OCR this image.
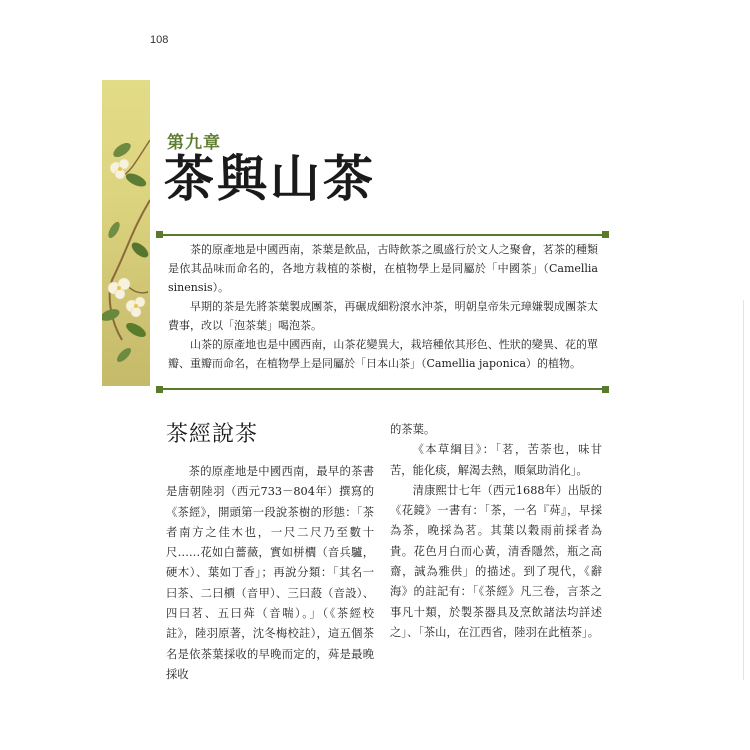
108
第九章
茶與山茶

茶的原產地是中國西南，茶葉是飲品，古時飲茶之風盛行於文人之聚會，茗茶的種類是依其品味而命名的，各地方栽植的茶樹，在植物學上是同屬於「中國茶」（Camellia sinensis）。

早期的茶是先將茶葉製成團茶，再碾成細粉滾水沖茶，明朝皇帝朱元璋嫌製成團茶太費事，改以「泡茶葉」喝泡茶。

山茶的原產地也是中國西南，山茶花變異大，栽培種依其形色、性狀的變異、花的單瓣、重瓣而命名，在植物學上是同屬於「日本山茶」（Camellia japonica）的植物。

茶經說茶

茶的原產地是中國西南，最早的茶書是唐朝陸羽（西元733－804年）撰寫的《茶經》，開頭第一段說茶樹的形態：「茶者南方之佳木也，一尺二尺乃至數十尺……花如白薔薇，實如栟櫚（音兵驢，硬木）、葉如丁香」；再說分類：「其名一曰茶、二曰檟（音甲）、三曰蔎（音設）、四曰茗、五曰荈（音喘）。」（《茶經校註》，陸羽原著，沈冬梅校註），這五個茶名是依茶葉採收的早晚而定的，荈是最晚採收

的茶葉。

《本草綱目》：「茗，苦荼也，味甘苦，能化痰，解渴去熱，順氣助消化」。

清康熙廿七年（西元1688年）出版的《花鏡》一書有：「茶，一名『荈』，早採為茶，晚採為茗。其葉以穀雨前採者為貴。花色月白而心黃，清香隱然，瓶之高齋，誠為雅供」的描述。到了現代，《辭海》的註記有：「《茶經》凡三卷，言茶之事凡十類，於製茶器具及烹飲諸法均詳述之」、「茶山，在江西省，陸羽在此植茶」。
